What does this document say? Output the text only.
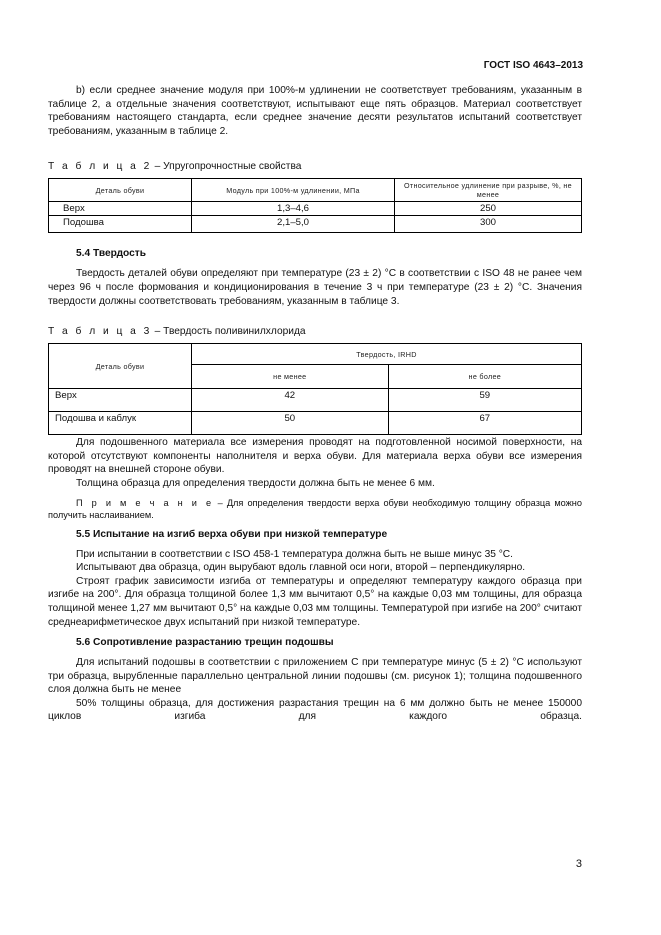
ГОСТ ISO 4643–2013

b) если среднее значение модуля при 100%-м удлинении не соответствует требованиям, указанным в таблице 2, а отдельные значения соответствуют, испытывают еще пять образцов. Материал соответствует требованиям настоящего стандарта, если среднее значение десяти результатов испытаний соответствует требованиям, указанным в таблице 2.

Т а б л и ц а 2 – Упругопрочностные свойства
Деталь обуви	Модуль при 100%-м удлинении, МПа	Относительное удлинение при разрыве, %, не менее
Верх	1,3–4,6	250
Подошва	2,1–5,0	300
5.4 Твердость

Твердость деталей обуви определяют при температуре (23 ± 2) °С в соответствии с ISO 48 не ранее чем через 96 ч после формования и кондиционирования в течение 3 ч при температуре (23 ± 2) °С. Значения твердости должны соответствовать требованиям, указанным в таблице 3.

Т а б л и ц а 3 – Твердость поливинилхлорида
Деталь обуви	Твердость, IRHD	
	не менее	не более
Верх	42	59
Подошва и каблук	50	67

Для подошвенного материала все измерения проводят на подготовленной носимой поверхности, на которой отсутствуют компоненты наполнителя и верха обуви. Для материала верха обуви все измерения проводят на внешней стороне обуви.

Толщина образца для определения твердости должна быть не менее 6 мм.

П р и м е ч а н и е – Для определения твердости верха обуви необходимую толщину образца можно получить наслаиванием.

5.5 Испытание на изгиб верха обуви при низкой температуре

При испытании в соответствии с ISO 458-1 температура должна быть не выше минус 35 °С.

Испытывают два образца, один вырубают вдоль главной оси ноги, второй – перпендикулярно.

Строят график зависимости изгиба от температуры и определяют температуру каждого образца при изгибе на 200°. Для образца толщиной более 1,3 мм вычитают 0,5° на каждые 0,03 мм толщины, для образца толщиной менее 1,27 мм вычитают 0,5° на каждые 0,03 мм толщины. Температурой при изгибе на 200° считают среднеарифметическое двух испытаний при низкой температуре.

5.6 Сопротивление разрастанию трещин подошвы

Для испытаний подошвы в соответствии с приложением С при температуре минус (5 ± 2) °С используют три образца, вырубленные параллельно центральной линии подошвы (см. рисунок 1); толщина подошвенного слоя должна быть не менее

50% толщины образца, для достижения разрастания трещин на 6 мм должно быть не менее 150000 циклов изгиба для каждого образца.

3
